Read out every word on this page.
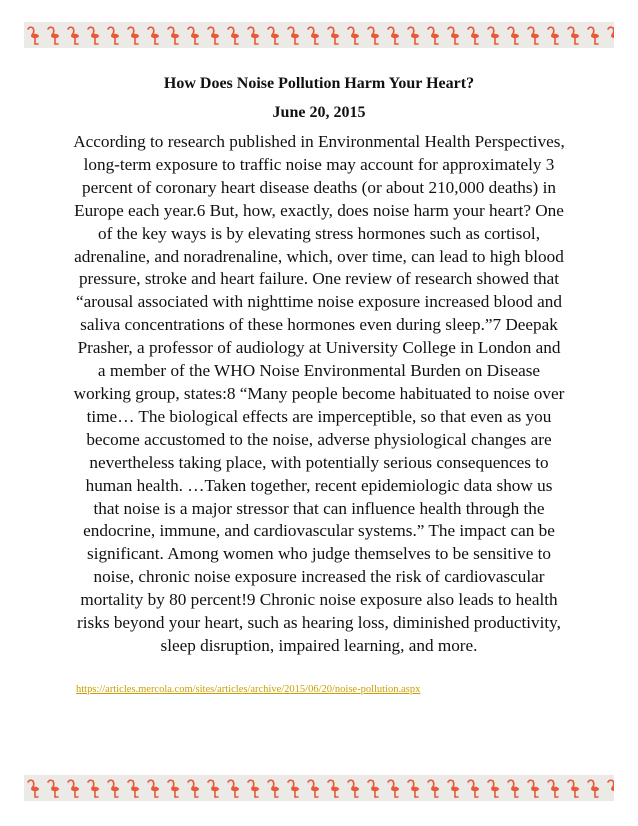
How Does Noise Pollution Harm Your Heart?
June 20, 2015

According to research published in Environmental Health Perspectives, long-term exposure to traffic noise may account for approximately 3 percent of coronary heart disease deaths (or about 210,000 deaths) in Europe each year.6 But, how, exactly, does noise harm your heart? One of the key ways is by elevating stress hormones such as cortisol, adrenaline, and noradrenaline, which, over time, can lead to high blood pressure, stroke and heart failure. One review of research showed that “arousal associated with nighttime noise exposure increased blood and saliva concentrations of these hormones even during sleep.”7 Deepak Prasher, a professor of audiology at University College in London and a member of the WHO Noise Environmental Burden on Disease working group, states:8 “Many people become habituated to noise over time… The biological effects are imperceptible, so that even as you become accustomed to the noise, adverse physiological changes are nevertheless taking place, with potentially serious consequences to human health. …Taken together, recent epidemiologic data show us that noise is a major stressor that can influence health through the endocrine, immune, and cardiovascular systems.” The impact can be significant. Among women who judge themselves to be sensitive to noise, chronic noise exposure increased the risk of cardiovascular mortality by 80 percent!9 Chronic noise exposure also leads to health risks beyond your heart, such as hearing loss, diminished productivity, sleep disruption, impaired learning, and more.

https://articles.mercola.com/sites/articles/archive/2015/06/20/noise-pollution.aspx
